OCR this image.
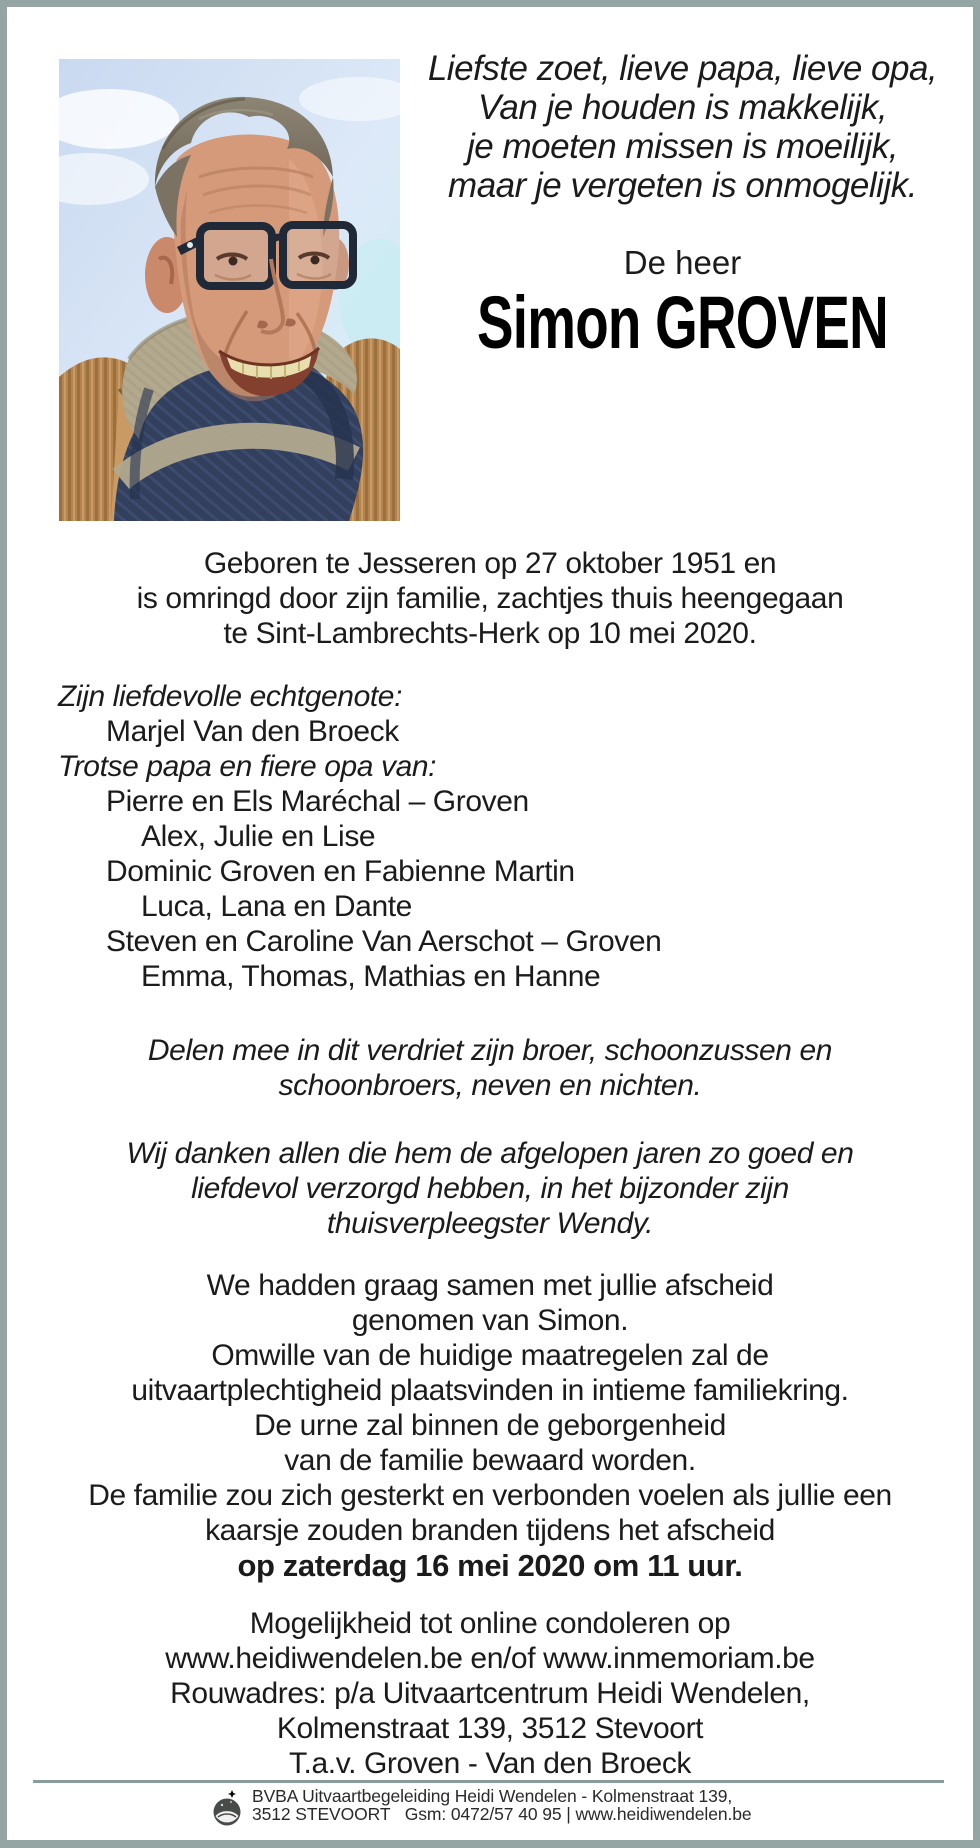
Liefste zoet, lieve papa, lieve opa,
Van je houden is makkelijk,
je moeten missen is moeilijk,
maar je vergeten is onmogelijk.
De heer
Simon GROVEN
Geboren te Jesseren op 27 oktober 1951 en
is omringd door zijn familie, zachtjes thuis heengegaan
te Sint-Lambrechts-Herk op 10 mei 2020.
Zijn liefdevolle echtgenote:
Marjel Van den Broeck
Trotse papa en fiere opa van:
Pierre en Els Maréchal – Groven
Alex, Julie en Lise
Dominic Groven en Fabienne Martin
Luca, Lana en Dante
Steven en Caroline Van Aerschot – Groven
Emma, Thomas, Mathias en Hanne
Delen mee in dit verdriet zijn broer, schoonzussen en
schoonbroers, neven en nichten.
Wij danken allen die hem de afgelopen jaren zo goed en
liefdevol verzorgd hebben, in het bijzonder zijn
thuisverpleegster Wendy.
We hadden graag samen met jullie afscheid
genomen van Simon.
Omwille van de huidige maatregelen zal de
uitvaartplechtigheid plaatsvinden in intieme familiekring.
De urne zal binnen de geborgenheid
van de familie bewaard worden.
De familie zou zich gesterkt en verbonden voelen als jullie een
kaarsje zouden branden tijdens het afscheid
op zaterdag 16 mei 2020 om 11 uur.
Mogelijkheid tot online condoleren op
www.heidiwendelen.be en/of www.inmemoriam.be
Rouwadres: p/a Uitvaartcentrum Heidi Wendelen,
Kolmenstraat 139, 3512 Stevoort
T.a.v. Groven - Van den Broeck
BVBA Uitvaartbegeleiding Heidi Wendelen - Kolmenstraat 139,
3512 STEVOORT   Gsm: 0472/57 40 95 | www.heidiwendelen.be
